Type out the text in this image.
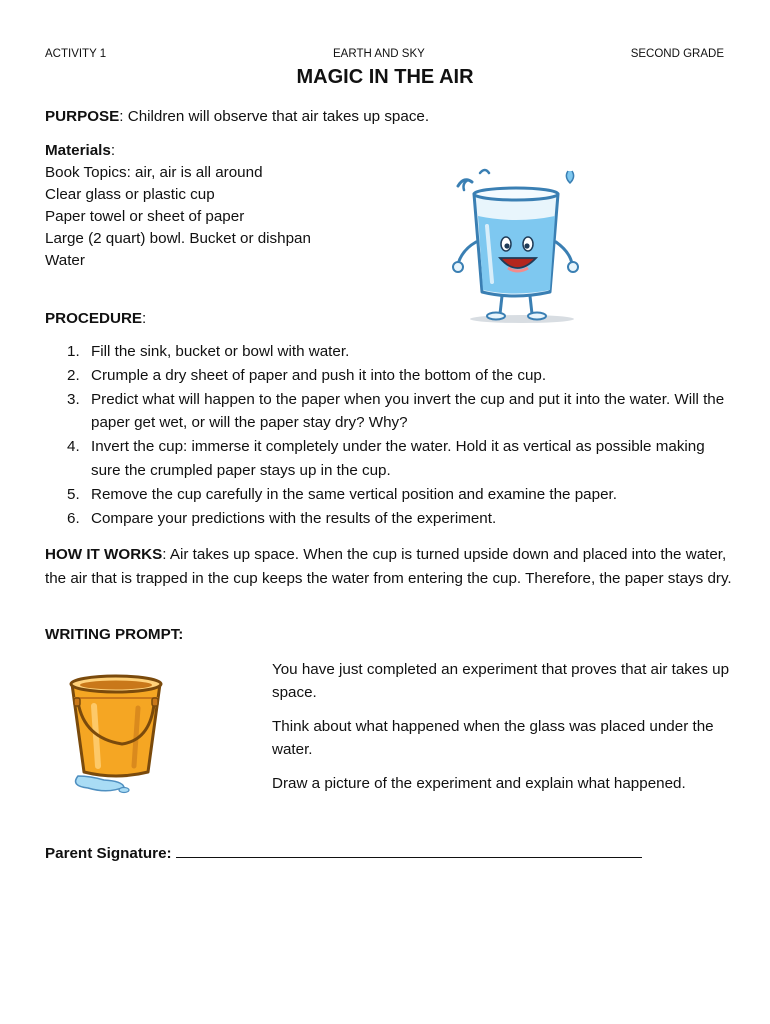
ACTIVITY 1	EARTH AND SKY	SECOND GRADE
MAGIC IN THE AIR

PURPOSE: Children will observe that air takes up space.

Materials:
Book Topics: air, air is all around
Clear glass or plastic cup
Paper towel or sheet of paper
Large (2 quart) bowl. Bucket or dishpan
Water

PROCEDURE:

1. Fill the sink, bucket or bowl with water.
2. Crumple a dry sheet of paper and push it into the bottom of the cup.
3. Predict what will happen to the paper when you invert the cup and put it into the water. Will the paper get wet, or will the paper stay dry? Why?
4. Invert the cup: immerse it completely under the water. Hold it as vertical as possible making sure the crumpled paper stays up in the cup.
5. Remove the cup carefully in the same vertical position and examine the paper.
6. Compare your predictions with the results of the experiment.

HOW IT WORKS: Air takes up space. When the cup is turned upside down and placed into the water, the air that is trapped in the cup keeps the water from entering the cup. Therefore, the paper stays dry.

WRITING PROMPT:

You have just completed an experiment that proves that air takes up space.

Think about what happened when the glass was placed under the water.

Draw a picture of the experiment and explain what happened.

Parent Signature:
